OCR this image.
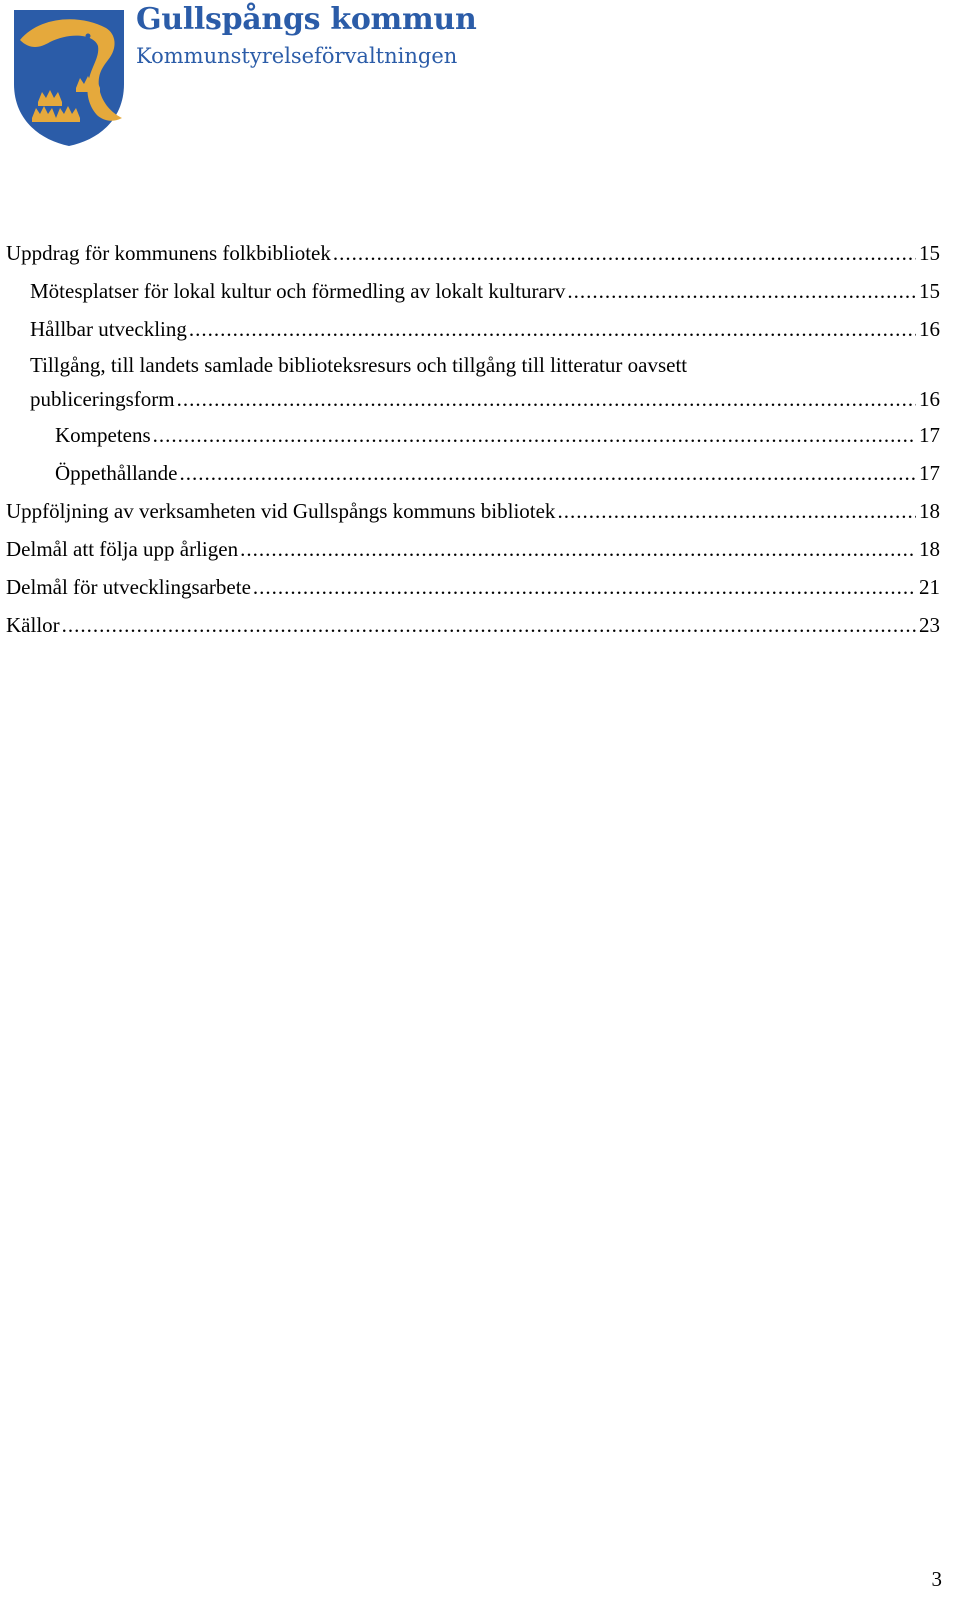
Gullspångs kommun
Kommunstyrelseförvaltningen
Uppdrag för kommunens folkbibliotek .....	15
Mötesplatser för lokal kultur och förmedling av lokalt kulturarv .....	15
Hållbar utveckling .....	16
Tillgång, till landets samlade biblioteksresurs och tillgång till litteratur oavsett
publiceringsform .....	16
Kompetens .....	17
Öppethållande .....	17
Uppföljning av verksamheten vid Gullspångs kommuns bibliotek .....	18
Delmål att följa upp årligen .....	18
Delmål för utvecklingsarbete .....	21
Källor .....	23
3
